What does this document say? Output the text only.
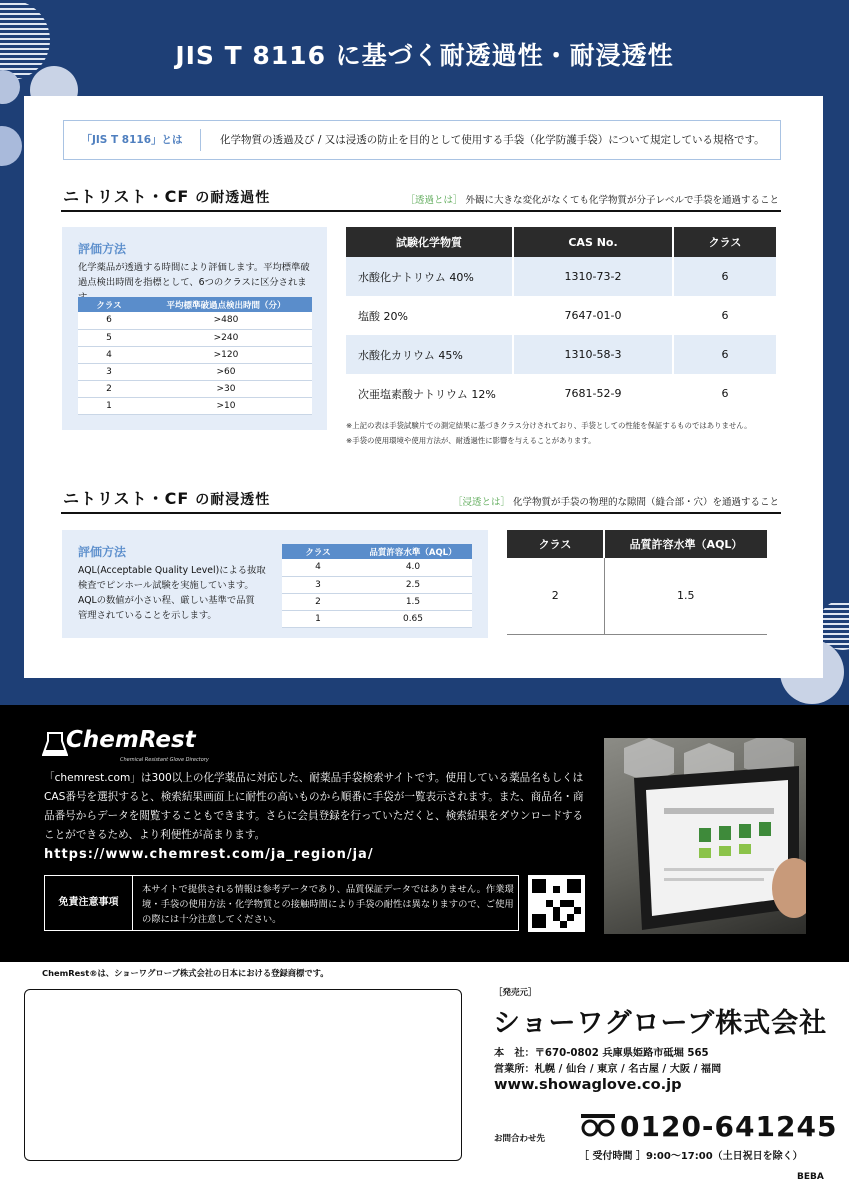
JIS T 8116 に基づく耐透過性・耐浸透性
「JIS T 8116」とは	化学物質の透過及び / 又は浸透の防止を目的として使用する手袋（化学防護手袋）について規定している規格です。
ニトリスト・CF の耐透過性	［透過とは］ 外観に大きな変化がなくても化学物質が分子レベルで手袋を通過すること
評価方法
化学薬品が透過する時間により評価します。平均標準破過点検出時間を指標として、6つのクラスに区分されま
クラス	平均標準破過点検出時間（分）
6	>480
5	>240
4	>120
3	>60
2	>30
1	>10
試験化学物質	CAS No.	クラス
水酸化ナトリウム 40%	1310-73-2	6
塩酸 20%	7647-01-0	6
水酸化カリウム 45%	1310-58-3	6
次亜塩素酸ナトリウム 12%	7681-52-9	6
※上記の表は手袋試験片での測定結果に基づきクラス分けされており、手袋としての性能を保証するものではありません。
※手袋の使用環境や使用方法が、耐透過性に影響を与えることがあります。
ニトリスト・CF の耐浸透性	［浸透とは］ 化学物質が手袋の物理的な隙間（縫合部・穴）を通過すること
評価方法
AQL(Acceptable Quality Level)による抜取
検査でピンホール試験を実施しています。
AQLの数値が小さい程、厳しい基準で品質
管理されていることを示します。
クラス	品質許容水準（AQL）
4	4.0
3	2.5
2	1.5
1	0.65
クラス	品質許容水準（AQL）
2	1.5
ChemRest
Chemical Resistant Glove Directory
「chemrest.com」は300以上の化学薬品に対応した、耐薬品手袋検索サイトです。使用している薬品名もしくはCAS番号を選択すると、検索結果画面上に耐性の高いものから順番に手袋が一覧表示されます。また、商品名・商品番号からデータを閲覧することもできます。さらに会員登録を行っていただくと、検索結果をダウンロードすることができるため、より利便性が高まります。
https://www.chemrest.com/ja_region/ja/
免責注意事項
本サイトで提供される情報は参考データであり、品質保証データではありません。作業環境・手袋の使用方法・化学物質との接触時間により手袋の耐性は異なりますので、ご使用の際には十分注意してください。
ChemRest®は、ショーワグローブ株式会社の日本における登録商標です。
［発売元］
ショーワグローブ株式会社
本　社：〒670-0802 兵庫県姫路市砥堀 565
営業所：札幌 / 仙台 / 東京 / 名古屋 / 大阪 / 福岡
www.showaglove.co.jp
お問合わせ先	0120-641245
［ 受付時間 ］9:00～17:00（土日祝日を除く）
BEBA
